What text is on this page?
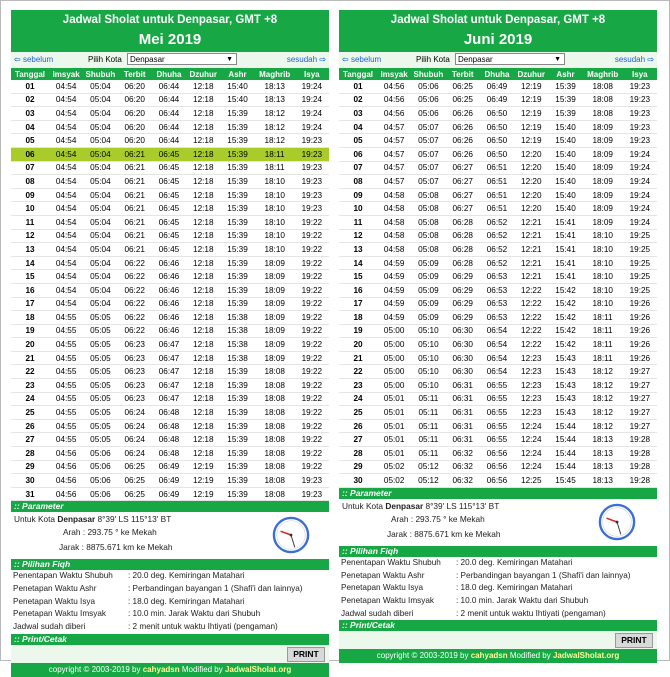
Jadwal Sholat untuk Denpasar, GMT +8
Mei 2019
⇦ sebelum	Pilih Kota	Denpasar	▼	sesudah ⇨
Tanggal	Imsyak	Shubuh	Terbit	Dhuha	Dzuhur	Ashr	Maghrib	Isya
01	04:54	05:04	06:20	06:44	12:18	15:40	18:13	19:24
02	04:54	05:04	06:20	06:44	12:18	15:40	18:13	19:24
03	04:54	05:04	06:20	06:44	12:18	15:39	18:12	19:24
04	04:54	05:04	06:20	06:44	12:18	15:39	18:12	19:24
05	04:54	05:04	06:20	06:44	12:18	15:39	18:12	19:23
06	04:54	05:04	06:21	06:45	12:18	15:39	18:11	19:23
07	04:54	05:04	06:21	06:45	12:18	15:39	18:11	19:23
08	04:54	05:04	06:21	06:45	12:18	15:39	18:10	19:23
09	04:54	05:04	06:21	06:45	12:18	15:39	18:10	19:23
10	04:54	05:04	06:21	06:45	12:18	15:39	18:10	19:23
11	04:54	05:04	06:21	06:45	12:18	15:39	18:10	19:22
12	04:54	05:04	06:21	06:45	12:18	15:39	18:10	19:22
13	04:54	05:04	06:21	06:45	12:18	15:39	18:10	19:22
14	04:54	05:04	06:22	06:46	12:18	15:39	18:09	19:22
15	04:54	05:04	06:22	06:46	12:18	15:39	18:09	19:22
16	04:54	05:04	06:22	06:46	12:18	15:39	18:09	19:22
17	04:54	05:04	06:22	06:46	12:18	15:39	18:09	19:22
18	04:55	05:05	06:22	06:46	12:18	15:38	18:09	19:22
19	04:55	05:05	06:22	06:46	12:18	15:38	18:09	19:22
20	04:55	05:05	06:23	06:47	12:18	15:38	18:09	19:22
21	04:55	05:05	06:23	06:47	12:18	15:38	18:09	19:22
22	04:55	05:05	06:23	06:47	12:18	15:39	18:08	19:22
23	04:55	05:05	06:23	06:47	12:18	15:39	18:08	19:22
24	04:55	05:05	06:23	06:47	12:18	15:39	18:08	19:22
25	04:55	05:05	06:24	06:48	12:18	15:39	18:08	19:22
26	04:55	05:05	06:24	06:48	12:18	15:39	18:08	19:22
27	04:55	05:05	06:24	06:48	12:18	15:39	18:08	19:22
28	04:56	05:06	06:24	06:48	12:18	15:39	18:08	19:22
29	04:56	05:06	06:25	06:49	12:19	15:39	18:08	19:22
30	04:56	05:06	06:25	06:49	12:19	15:39	18:08	19:23
31	04:56	05:06	06:25	06:49	12:19	15:39	18:08	19:23
:: Parameter
Untuk Kota Denpasar 8°39' LS 115°13' BT
Arah : 293.75 ° ke Mekah
Jarak : 8875.671 km ke Mekah
:: Pilihan Fiqh
Penentapan Waktu Shubuh : 20.0 deg. Kemiringan Matahari
Penetapan Waktu Ashr	: Perbandingan bayangan 1 (Shafi'i dan lainnya)
Penetapan Waktu Isya	: 18.0 deg. Kemiringan Matahari
Penetapan Waktu Imsyak	: 10.0 min. Jarak Waktu dari Shubuh
Jadwal sudah diberi	: 2 menit untuk waktu Ihtiyati (pengaman)
:: Print/Cetak
PRINT
copyright © 2003-2019 by cahyadsn Modified by JadwalSholat.org
Jadwal Sholat untuk Denpasar, GMT +8
Juni 2019
⇦ sebelum	Pilih Kota	Denpasar	▼	sesudah ⇨
Tanggal	Imsyak	Shubuh	Terbit	Dhuha	Dzuhur	Ashr	Maghrib	Isya
01	04:56	05:06	06:25	06:49	12:19	15:39	18:08	19:23
02	04:56	05:06	06:25	06:49	12:19	15:39	18:08	19:23
03	04:56	05:06	06:26	06:50	12:19	15:39	18:08	19:23
04	04:57	05:07	06:26	06:50	12:19	15:40	18:09	19:23
05	04:57	05:07	06:26	06:50	12:19	15:40	18:09	19:23
06	04:57	05:07	06:26	06:50	12:20	15:40	18:09	19:24
07	04:57	05:07	06:27	06:51	12:20	15:40	18:09	19:24
08	04:57	05:07	06:27	06:51	12:20	15:40	18:09	19:24
09	04:58	05:08	06:27	06:51	12:20	15:40	18:09	19:24
10	04:58	05:08	06:27	06:51	12:20	15:40	18:09	19:24
11	04:58	05:08	06:28	06:52	12:21	15:41	18:09	19:24
12	04:58	05:08	06:28	06:52	12:21	15:41	18:10	19:25
13	04:58	05:08	06:28	06:52	12:21	15:41	18:10	19:25
14	04:59	05:09	06:28	06:52	12:21	15:41	18:10	19:25
15	04:59	05:09	06:29	06:53	12:21	15:41	18:10	19:25
16	04:59	05:09	06:29	06:53	12:22	15:42	18:10	19:25
17	04:59	05:09	06:29	06:53	12:22	15:42	18:10	19:26
18	04:59	05:09	06:29	06:53	12:22	15:42	18:11	19:26
19	05:00	05:10	06:30	06:54	12:22	15:42	18:11	19:26
20	05:00	05:10	06:30	06:54	12:22	15:42	18:11	19:26
21	05:00	05:10	06:30	06:54	12:23	15:43	18:11	19:26
22	05:00	05:10	06:30	06:54	12:23	15:43	18:12	19:27
23	05:00	05:10	06:31	06:55	12:23	15:43	18:12	19:27
24	05:01	05:11	06:31	06:55	12:23	15:43	18:12	19:27
25	05:01	05:11	06:31	06:55	12:23	15:43	18:12	19:27
26	05:01	05:11	06:31	06:55	12:24	15:44	18:12	19:27
27	05:01	05:11	06:31	06:55	12:24	15:44	18:13	19:28
28	05:01	05:11	06:32	06:56	12:24	15:44	18:13	19:28
29	05:02	05:12	06:32	06:56	12:24	15:44	18:13	19:28
30	05:02	05:12	06:32	06:56	12:25	15:45	18:13	19:28
:: Parameter
Untuk Kota Denpasar 8°39' LS 115°13' BT
Arah : 293.75 ° ke Mekah
Jarak : 8875.671 km ke Mekah
:: Pilihan Fiqh
Penentapan Waktu Shubuh : 20.0 deg. Kemiringan Matahari
Penetapan Waktu Ashr	: Perbandingan bayangan 1 (Shafi'i dan lainnya)
Penetapan Waktu Isya	: 18.0 deg. Kemiringan Matahari
Penetapan Waktu Imsyak	: 10.0 min. Jarak Waktu dari Shubuh
Jadwal sudah diberi	: 2 menit untuk waktu Ihtiyati (pengaman)
:: Print/Cetak
PRINT
copyright © 2003-2019 by cahyadsn Modified by JadwalSholat.org
